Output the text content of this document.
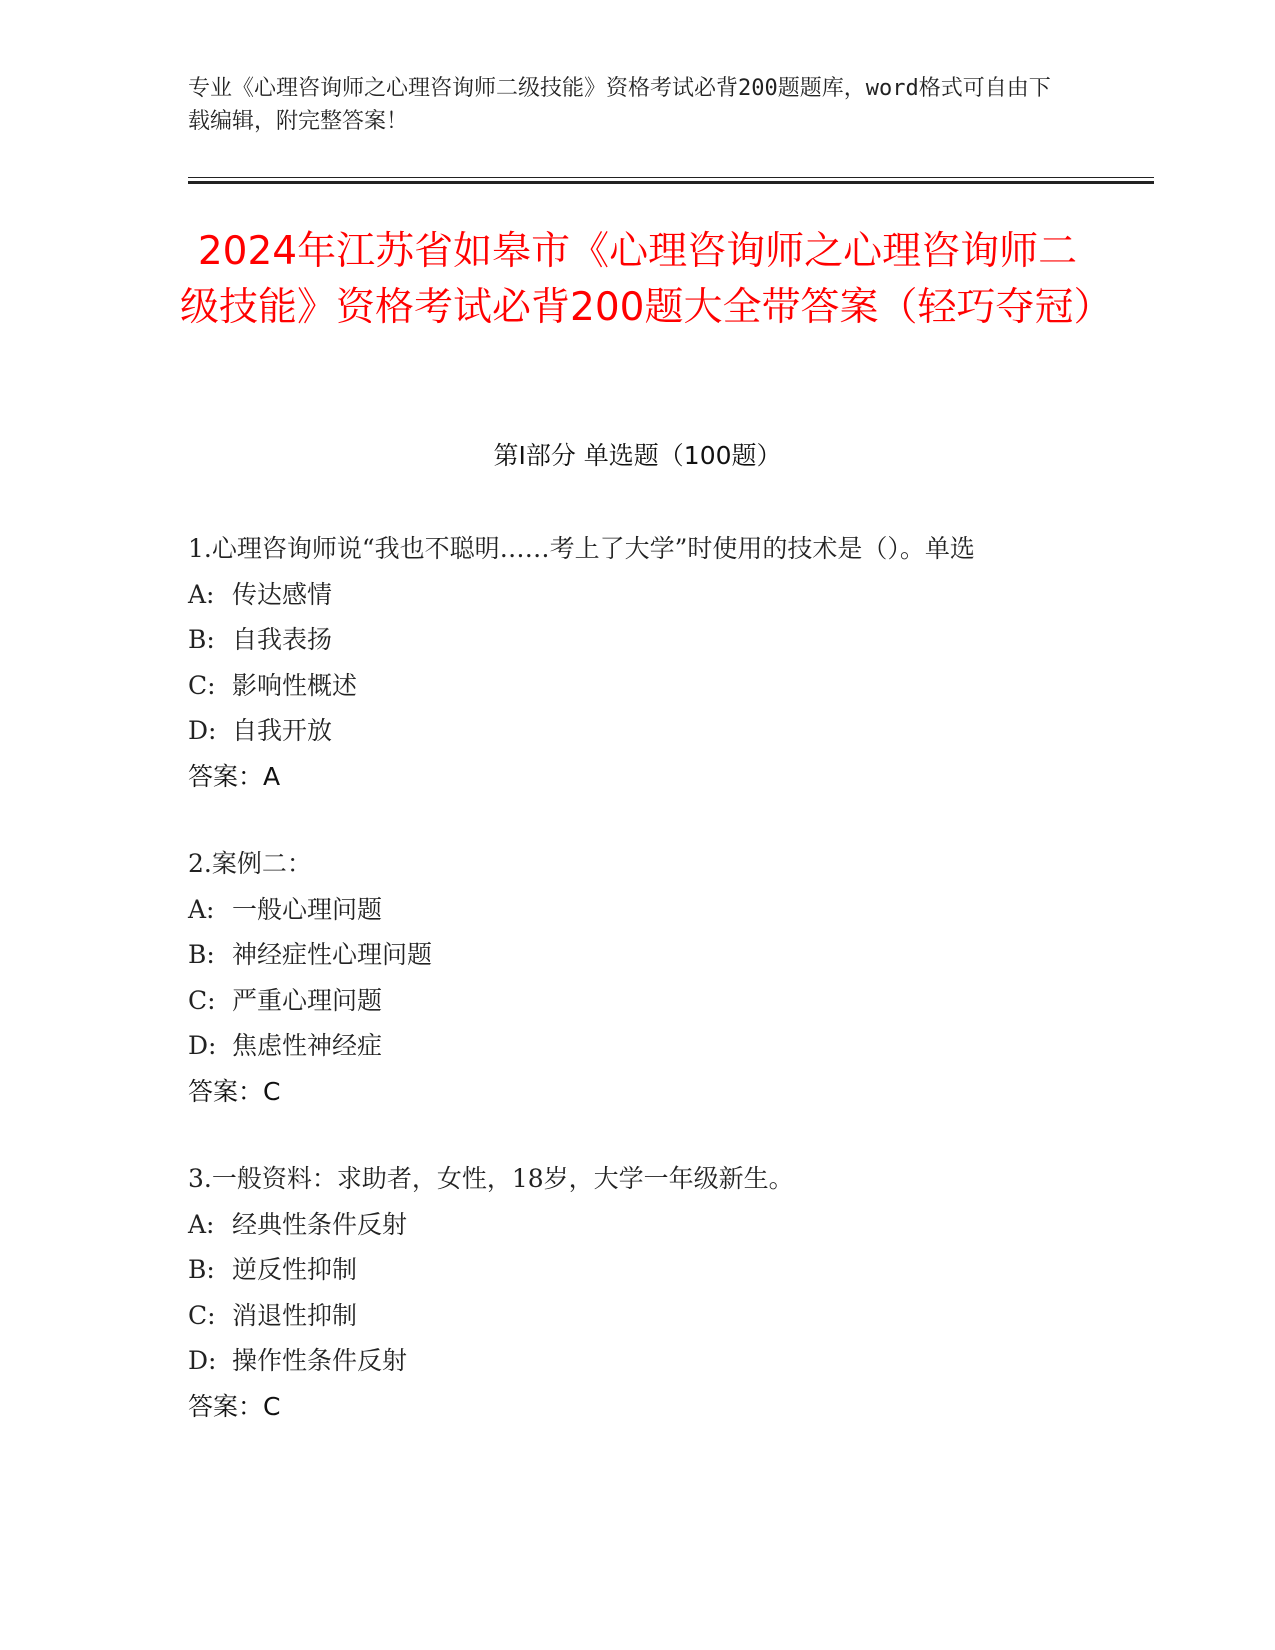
专业《心理咨询师之心理咨询师二级技能》资格考试必背200题题库，word格式可自由下载编辑，附完整答案！
2024年江苏省如皋市《心理咨询师之心理咨询师二级技能》资格考试必背200题大全带答案（轻巧夺冠）
第Ⅰ部分 单选题（100题）
1.心理咨询师说“我也不聪明……考上了大学”时使用的技术是（）。单选
A: 传达感情
B: 自我表扬
C: 影响性概述
D: 自我开放
答案：A
2.案例二：
A: 一般心理问题
B: 神经症性心理问题
C: 严重心理问题
D: 焦虑性神经症
答案：C
3.一般资料：求助者，女性，18岁，大学一年级新生。
A: 经典性条件反射
B: 逆反性抑制
C: 消退性抑制
D: 操作性条件反射
答案：C
